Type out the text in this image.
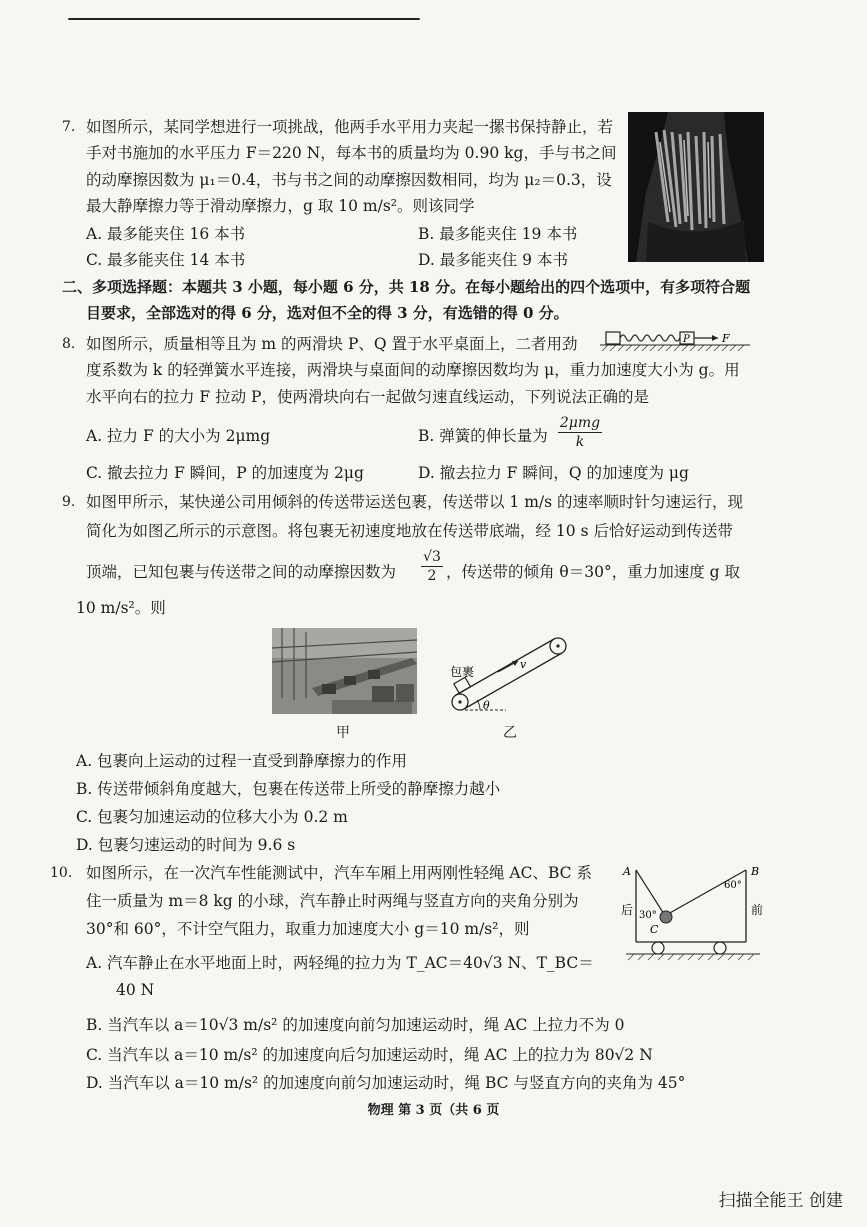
7. 如图所示，某同学想进行一项挑战，他两手水平用力夹起一摞书保持静止，若
手对书施加的水平压力 F＝220 N，每本书的质量均为 0.90 kg，手与书之间
的动摩擦因数为 μ₁＝0.4，书与书之间的动摩擦因数相同，均为 μ₂＝0.3，设
最大静摩擦力等于滑动摩擦力，g 取 10 m/s²。则该同学
A. 最多能夹住 16 本书	B. 最多能夹住 19 本书
C. 最多能夹住 14 本书	D. 最多能夹住 9 本书
二、多项选择题：本题共 3 小题，每小题 6 分，共 18 分。在每小题给出的四个选项中，有多项符合题
目要求，全部选对的得 6 分，选对但不全的得 3 分，有选错的得 0 分。
8. 如图所示，质量相等且为 m 的两滑块 P、Q 置于水平桌面上，二者用劲
度系数为 k 的轻弹簧水平连接，两滑块与桌面间的动摩擦因数均为 μ，重力加速度大小为 g。用
水平向右的拉力 F 拉动 P，使两滑块向右一起做匀速直线运动，下列说法正确的是
P	F
A. 拉力 F 的大小为 2μmg	B. 弹簧的伸长量为
2μmg
k
C. 撤去拉力 F 瞬间，P 的加速度为 2μg	D. 撤去拉力 F 瞬间，Q 的加速度为 μg
9. 如图甲所示，某快递公司用倾斜的传送带运送包裹，传送带以 1 m/s 的速率顺时针匀速运行，现
简化为如图乙所示的示意图。将包裹无初速度地放在传送带底端，经 10 s 后恰好运动到传送带
顶端，已知包裹与传送带之间的动摩擦因数为 $\frac{√3}{2}$ ，传送带的倾角 θ＝30°，重力加速度 g 取
10 m/s²。则
甲
包裹
v
θ
乙
A. 包裹向上运动的过程一直受到静摩擦力的作用
B. 传送带倾斜角度越大，包裹在传送带上所受的静摩擦力越小
C. 包裹匀加速运动的位移大小为 0.2 m
D. 包裹匀速运动的时间为 9.6 s
10. 如图所示，在一次汽车性能测试中，汽车车厢上用两刚性轻绳 AC、BC 系
住一质量为 m＝8 kg 的小球，汽车静止时两绳与竖直方向的夹角分别为
30°和 60°，不计空气阻力，取重力加速度大小 g＝10 m/s²，则
A	B
60°
30°
C
后	前
A. 汽车静止在水平地面上时，两轻绳的拉力为 T_AC＝40√3 N、T_BC＝
40 N
B. 当汽车以 a＝10√3 m/s² 的加速度向前匀加速运动时，绳 AC 上拉力不为 0
C. 当汽车以 a＝10 m/s² 的加速度向后匀加速运动时，绳 AC 上的拉力为 80√2 N
D. 当汽车以 a＝10 m/s² 的加速度向前匀加速运动时，绳 BC 与竖直方向的夹角为 45°
物理 第 3 页（共 6 页
扫描全能王 创建
